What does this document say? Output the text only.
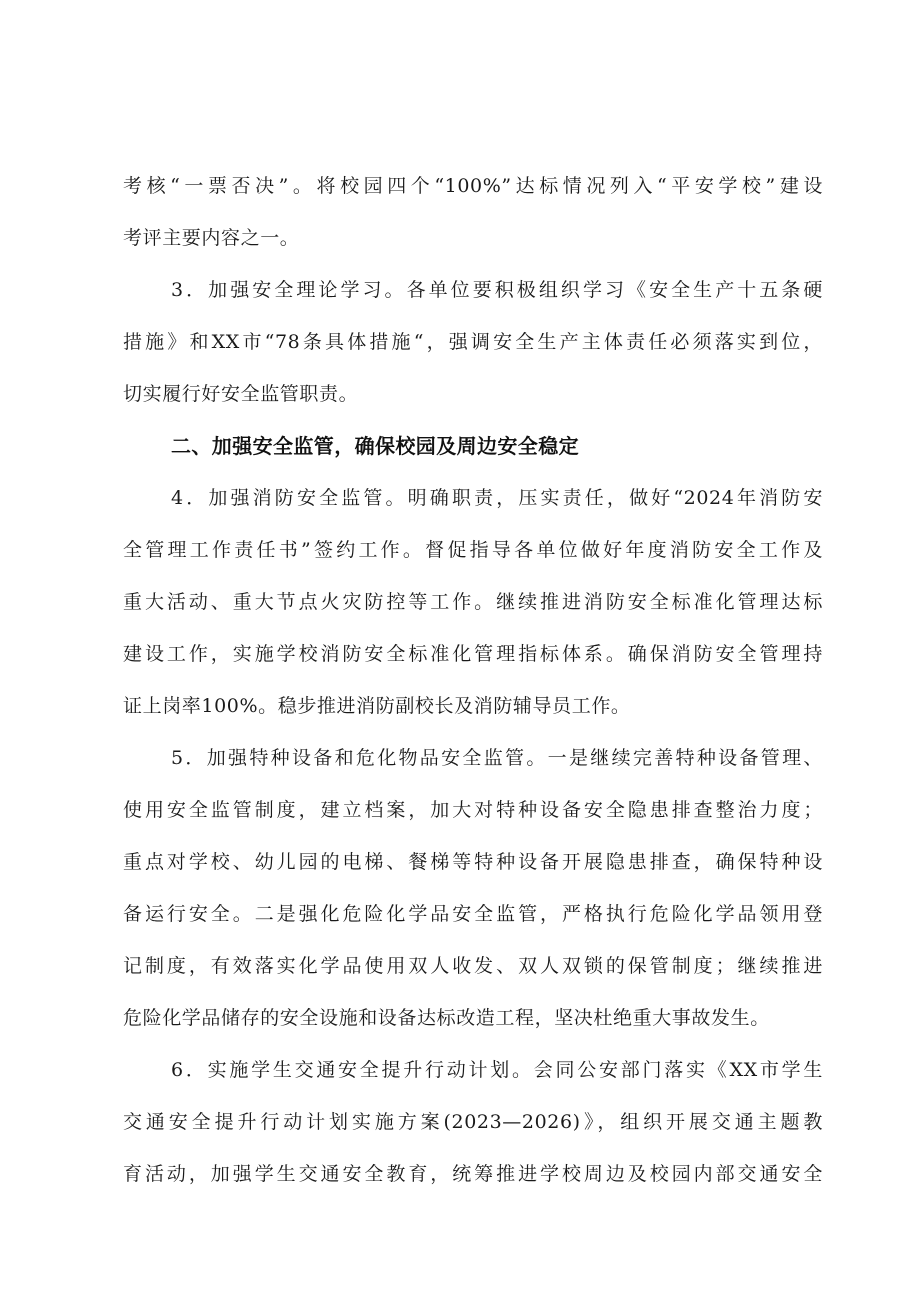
考核“一票否决”。将校园四个“100%”达标情况列入“平安学校”建设
考评主要内容之一。
3．加强安全理论学习。各单位要积极组织学习《安全生产十五条硬
措施》和XX市“78条具体措施“，强调安全生产主体责任必须落实到位，
切实履行好安全监管职责。
二、加强安全监管，确保校园及周边安全稳定
4．加强消防安全监管。明确职责，压实责任，做好“2024年消防安
全管理工作责任书”签约工作。督促指导各单位做好年度消防安全工作及
重大活动、重大节点火灾防控等工作。继续推进消防安全标准化管理达标
建设工作，实施学校消防安全标准化管理指标体系。确保消防安全管理持
证上岗率100%。稳步推进消防副校长及消防辅导员工作。
5．加强特种设备和危化物品安全监管。一是继续完善特种设备管理、
使用安全监管制度，建立档案，加大对特种设备安全隐患排查整治力度；
重点对学校、幼儿园的电梯、餐梯等特种设备开展隐患排查，确保特种设
备运行安全。二是强化危险化学品安全监管，严格执行危险化学品领用登
记制度，有效落实化学品使用双人收发、双人双锁的保管制度；继续推进
危险化学品储存的安全设施和设备达标改造工程，坚决杜绝重大事故发生。
6．实施学生交通安全提升行动计划。会同公安部门落实《XX市学生
交通安全提升行动计划实施方案(2023—2026)》，组织开展交通主题教
育活动，加强学生交通安全教育，统筹推进学校周边及校园内部交通安全
